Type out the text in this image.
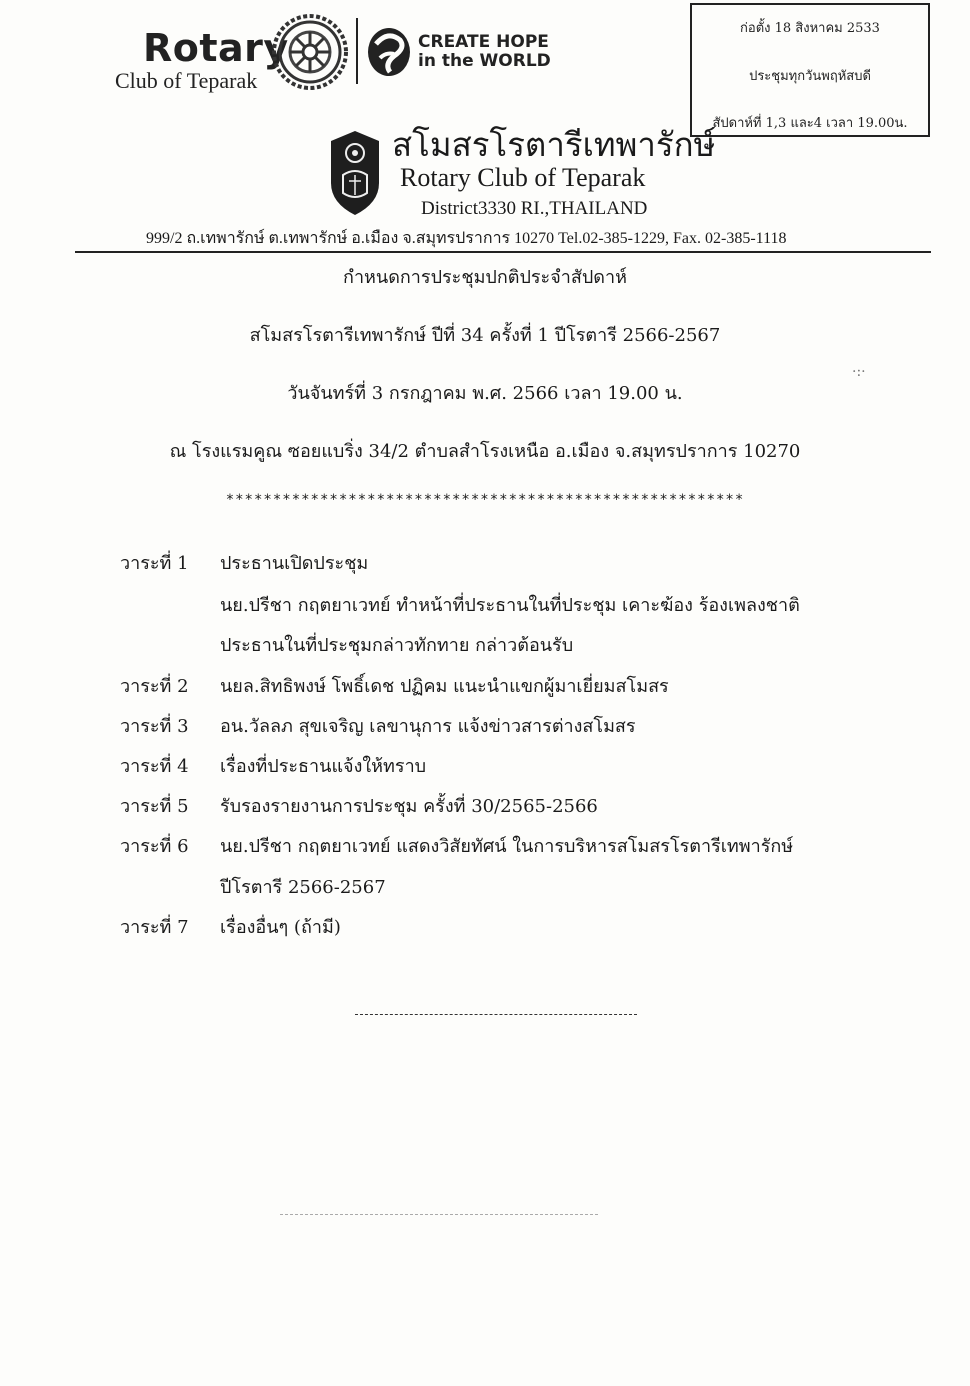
Rotary
Club of Teparak
CREATE HOPE
in the WORLD
ก่อตั้ง 18 สิงหาคม 2533
ประชุมทุกวันพฤหัสบดี
สัปดาห์ที่ 1,3 และ4 เวลา 19.00น.
สโมสรโรตารีเทพารักษ์
Rotary Club of Teparak
District3330 RI.,THAILAND
999/2 ถ.เทพารักษ์ ต.เทพารักษ์ อ.เมือง จ.สมุทรปราการ 10270 Tel.02-385-1229, Fax. 02-385-1118
กำหนดการประชุมปกติประจำสัปดาห์
สโมสรโรตารีเทพารักษ์ ปีที่ 34 ครั้งที่ 1 ปีโรตารี 2566-2567
วันจันทร์ที่ 3 กรกฎาคม พ.ศ. 2566 เวลา 19.00 น.
ณ โรงแรมคูณ ซอยแบริ่ง 34/2 ตำบลสำโรงเหนือ อ.เมือง จ.สมุทรปราการ 10270
*******************************************************
·:·
วาระที่ 1 ประธานเปิดประชุม
นย.ปรีชา กฤตยาเวทย์ ทำหน้าที่ประธานในที่ประชุม เคาะฆ้อง ร้องเพลงชาติ
ประธานในที่ประชุมกล่าวทักทาย กล่าวต้อนรับ
วาระที่ 2 นยล.สิทธิพงษ์ โพธิ์เดช ปฏิคม แนะนำแขกผู้มาเยี่ยมสโมสร
วาระที่ 3 อน.วัลลภ สุขเจริญ เลขานุการ แจ้งข่าวสารต่างสโมสร
วาระที่ 4 เรื่องที่ประธานแจ้งให้ทราบ
วาระที่ 5 รับรองรายงานการประชุม ครั้งที่ 30/2565-2566
วาระที่ 6 นย.ปรีชา กฤตยาเวทย์ แสดงวิสัยทัศน์ ในการบริหารสโมสรโรตารีเทพารักษ์
ปีโรตารี 2566-2567
วาระที่ 7 เรื่องอื่นๆ (ถ้ามี)
